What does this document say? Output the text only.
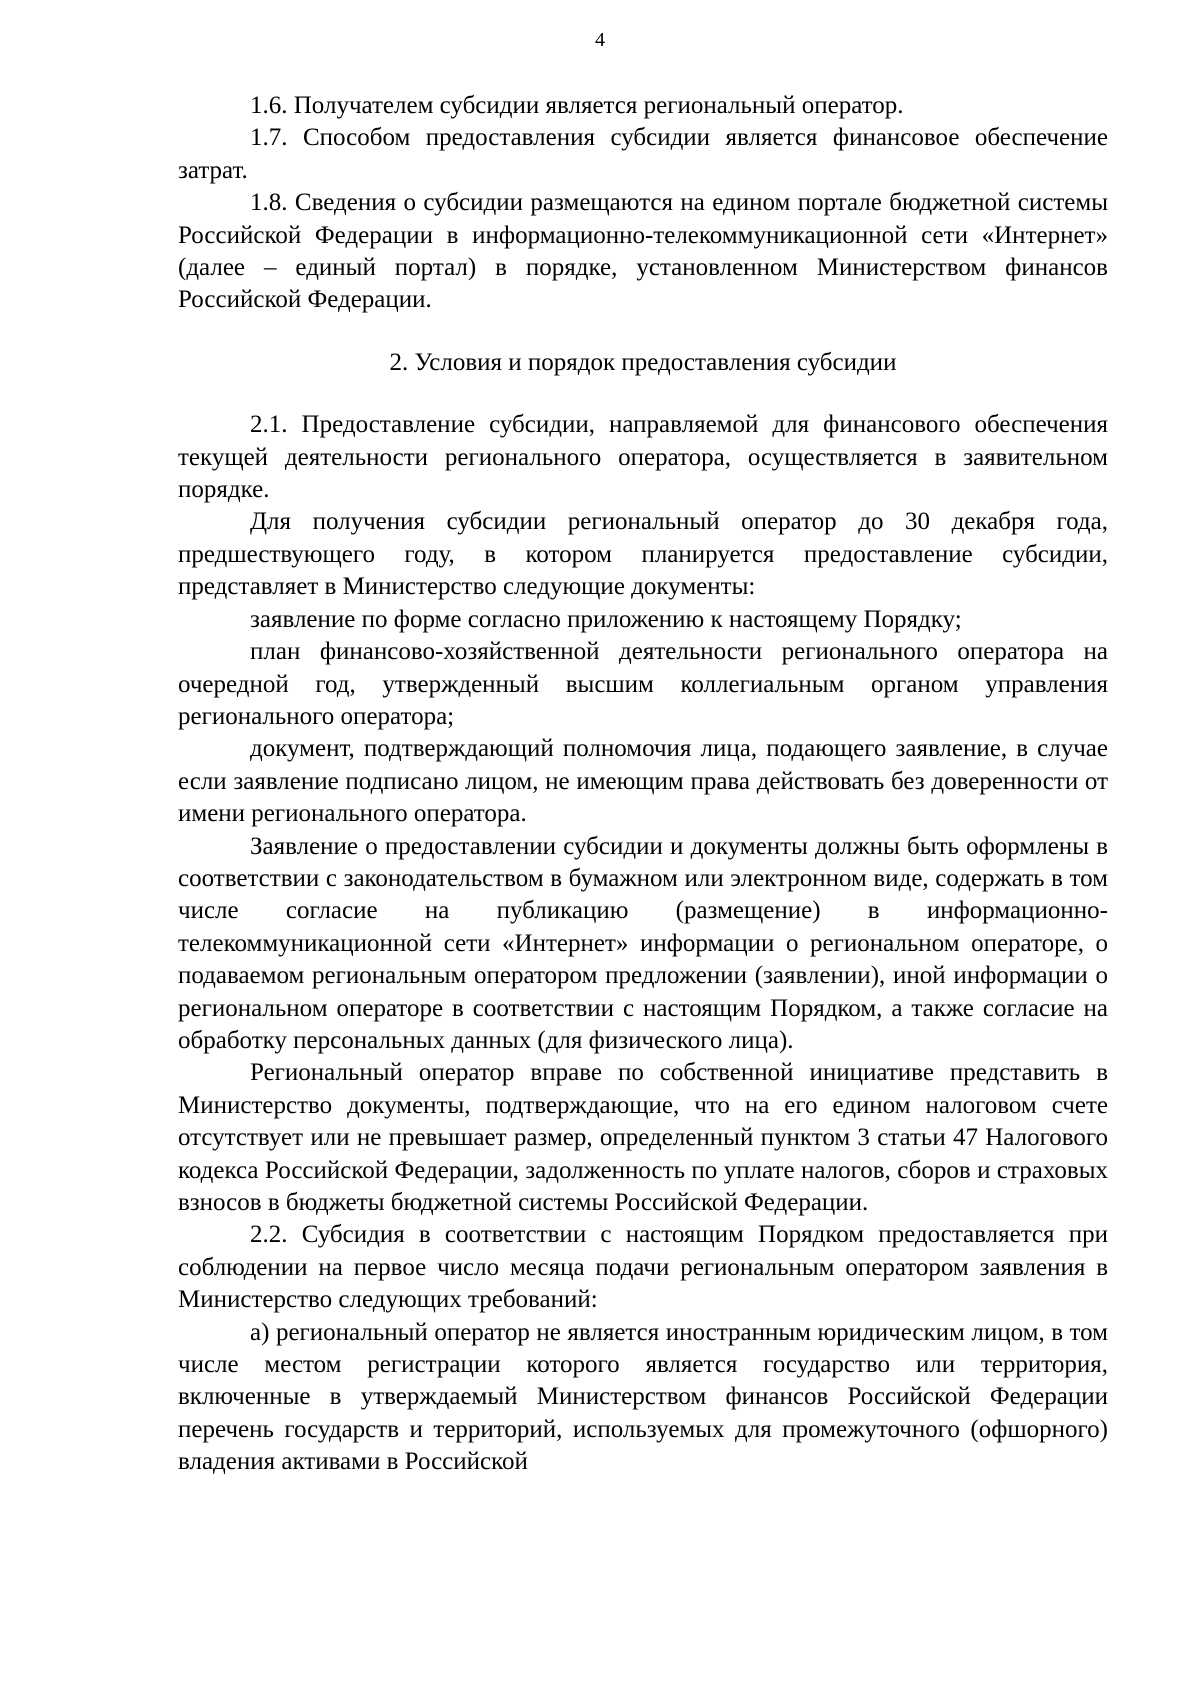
4

1.6. Получателем субсидии является региональный оператор.

1.7. Способом предоставления субсидии является финансовое обеспечение затрат.

1.8. Сведения о субсидии размещаются на едином портале бюджетной системы Российской Федерации в информационно-телекоммуникационной сети «Интернет» (далее – единый портал) в порядке, установленном Министерством финансов Российской Федерации.

2. Условия и порядок предоставления субсидии

2.1. Предоставление субсидии, направляемой для финансового обеспечения текущей деятельности регионального оператора, осуществляется в заявительном порядке.

Для получения субсидии региональный оператор до 30 декабря года, предшествующего году, в котором планируется предоставление субсидии, представляет в Министерство следующие документы:

заявление по форме согласно приложению к настоящему Порядку;

план финансово-хозяйственной деятельности регионального оператора на очередной год, утвержденный высшим коллегиальным органом управления регионального оператора;

документ, подтверждающий полномочия лица, подающего заявление, в случае если заявление подписано лицом, не имеющим права действовать без доверенности от имени регионального оператора.

Заявление о предоставлении субсидии и документы должны быть оформлены в соответствии с законодательством в бумажном или электронном виде, содержать в том числе согласие на публикацию (размещение) в информационно-телекоммуникационной сети «Интернет» информации о региональном операторе, о подаваемом региональным оператором предложении (заявлении), иной информации о региональном операторе в соответствии с настоящим Порядком, а также согласие на обработку персональных данных (для физического лица).

Региональный оператор вправе по собственной инициативе представить в Министерство документы, подтверждающие, что на его едином налоговом счете отсутствует или не превышает размер, определенный пунктом 3 статьи 47 Налогового кодекса Российской Федерации, задолженность по уплате налогов, сборов и страховых взносов в бюджеты бюджетной системы Российской Федерации.

2.2. Субсидия в соответствии с настоящим Порядком предоставляется при соблюдении на первое число месяца подачи региональным оператором заявления в Министерство следующих требований:

а) региональный оператор не является иностранным юридическим лицом, в том числе местом регистрации которого является государство или территория, включенные в утверждаемый Министерством финансов Российской Федерации перечень государств и территорий, используемых для промежуточного (офшорного) владения активами в Российской
